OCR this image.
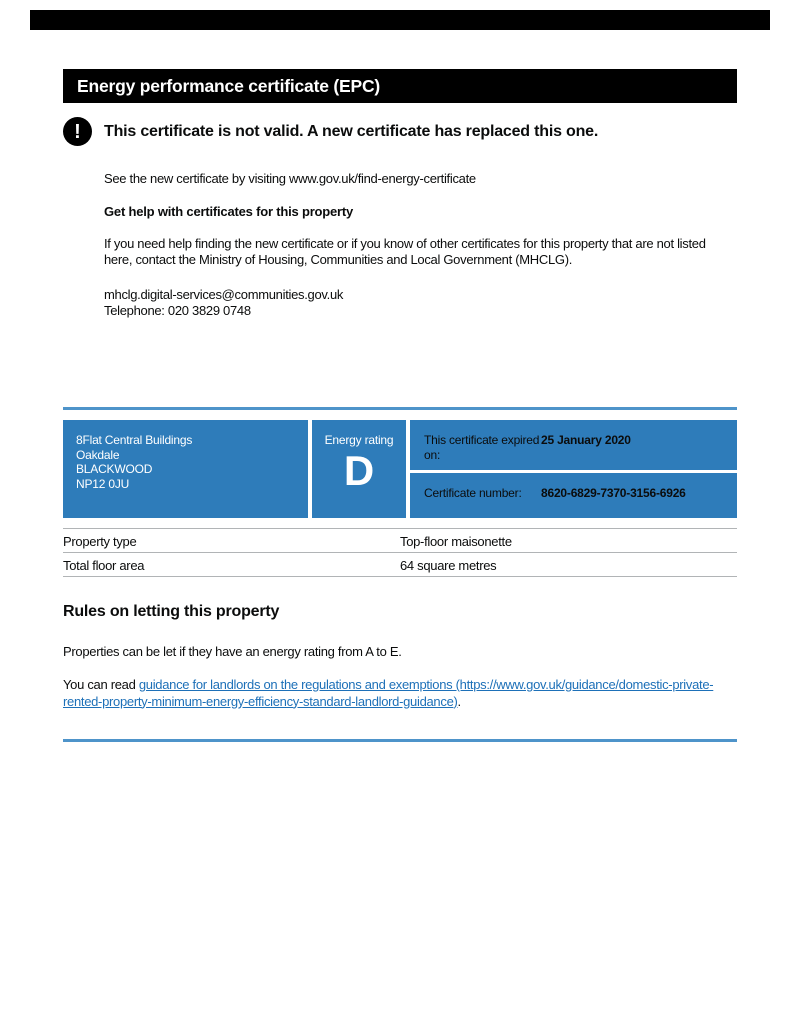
Energy performance certificate (EPC)
! This certificate is not valid. A new certificate has replaced this one.

See the new certificate by visiting www.gov.uk/find-energy-certificate

Get help with certificates for this property

If you need help finding the new certificate or if you know of other certificates for this property that are not listed here, contact the Ministry of Housing, Communities and Local Government (MHCLG).

mhclg.digital-services@communities.gov.uk
Telephone: 020 3829 0748
8Flat Central Buildings
Oakdale
BLACKWOOD
NP12 0JU
Energy rating
D
This certificate expired on:
25 January 2020
Certificate number:	8620-6829-7370-3156-6926
Property type	Top-floor maisonette
Total floor area	64 square metres
Rules on letting this property

Properties can be let if they have an energy rating from A to E.

You can read guidance for landlords on the regulations and exemptions (https://www.gov.uk/guidance/domestic-private-rented-property-minimum-energy-efficiency-standard-landlord-guidance).
